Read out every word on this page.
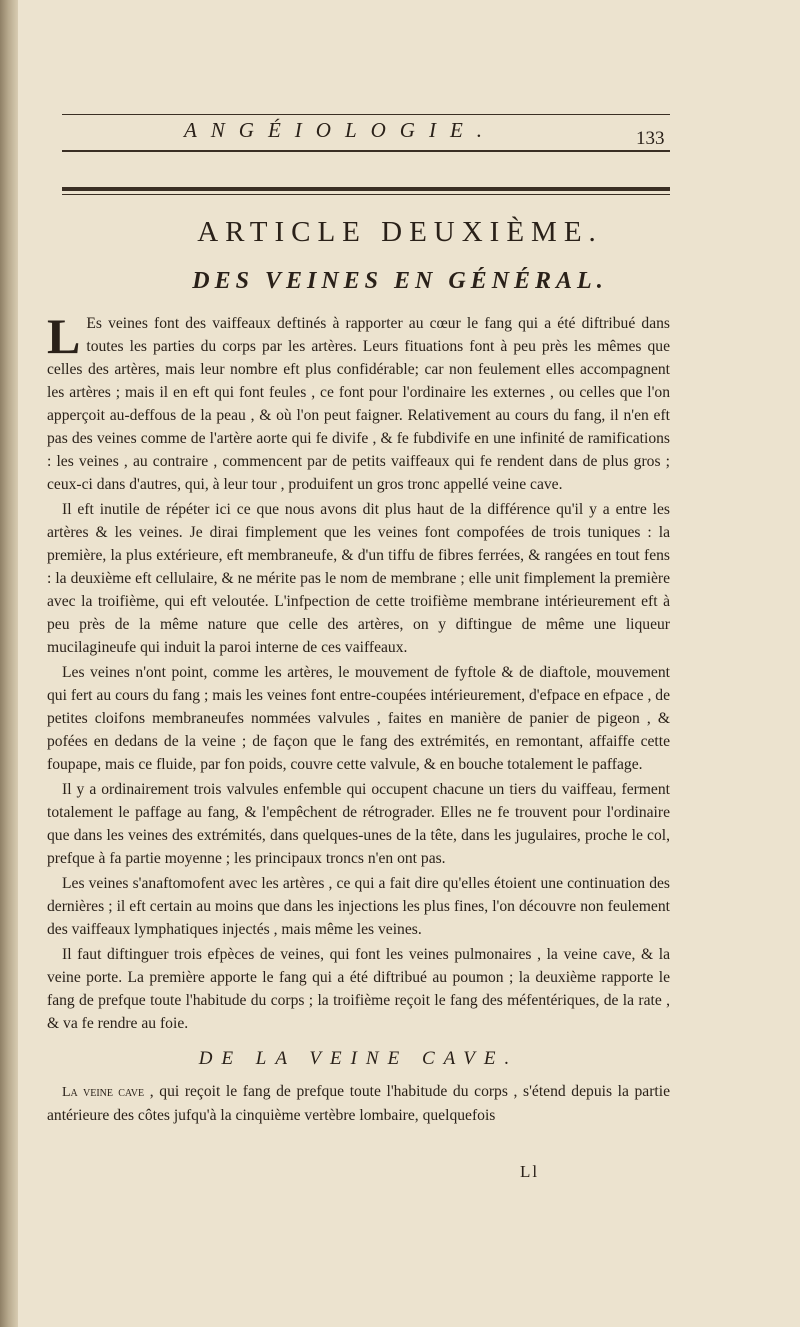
ANGÉIOLOGIE.	133
ARTICLE DEUXIÈME.
DES VEINES EN GÉNÉRAL.

L Es veines font des vaiffeaux deftinés à rapporter au cœur le fang qui a été diftribué dans toutes les parties du corps par les artères. Leurs fituations font à peu près les mêmes que celles des artères, mais leur nombre eft plus confidérable; car non feulement elles accompagnent les artères ; mais il en eft qui font feules , ce font pour l'ordinaire les externes , ou celles que l'on apperçoit au-deffous de la peau , & où l'on peut faigner. Relativement au cours du fang, il n'en eft pas des veines comme de l'artère aorte qui fe divife , & fe fubdivife en une infinité de ramifications : les veines , au contraire , commencent par de petits vaiffeaux qui fe rendent dans de plus gros ; ceux-ci dans d'autres, qui, à leur tour , produifent un gros tronc appellé veine cave.

Il eft inutile de répéter ici ce que nous avons dit plus haut de la différence qu'il y a entre les artères & les veines. Je dirai fimplement que les veines font compofées de trois tuniques : la première, la plus extérieure, eft membraneufe, & d'un tiffu de fibres ferrées, & rangées en tout fens : la deuxième eft cellulaire, & ne mérite pas le nom de membrane ; elle unit fimplement la première avec la troifième, qui eft veloutée. L'infpection de cette troifième membrane intérieurement eft à peu près de la même nature que celle des artères, on y diftingue de même une liqueur mucilagineufe qui induit la paroi interne de ces vaiffeaux.

Les veines n'ont point, comme les artères, le mouvement de fyftole & de diaftole, mouvement qui fert au cours du fang ; mais les veines font entre-coupées intérieurement, d'efpace en efpace , de petites cloifons membraneufes nommées valvules , faites en manière de panier de pigeon , & pofées en dedans de la veine ; de façon que le fang des extrémités, en remontant, affaiffe cette foupape, mais ce fluide, par fon poids, couvre cette valvule, & en bouche totalement le paffage.

Il y a ordinairement trois valvules enfemble qui occupent chacune un tiers du vaiffeau, ferment totalement le paffage au fang, & l'empêchent de rétrograder. Elles ne fe trouvent pour l'ordinaire que dans les veines des extrémités, dans quelques-unes de la tête, dans les jugulaires, proche le col, prefque à fa partie moyenne ; les principaux troncs n'en ont pas.

Les veines s'anaftomofent avec les artères , ce qui a fait dire qu'elles étoient une continuation des dernières ; il eft certain au moins que dans les injections les plus fines, l'on découvre non feulement des vaiffeaux lymphatiques injectés , mais même les veines.

Il faut diftinguer trois efpèces de veines, qui font les veines pulmonaires , la veine cave, & la veine porte. La première apporte le fang qui a été diftribué au poumon ; la deuxième rapporte le fang de prefque toute l'habitude du corps ; la troifième reçoit le fang des méfentériques, de la rate , & va fe rendre au foie.

DE LA VEINE CAVE.

La veine cave , qui reçoit le fang de prefque toute l'habitude du corps , s'étend depuis la partie antérieure des côtes jufqu'à la cinquième vertèbre lombaire, quelquefois

Ll
